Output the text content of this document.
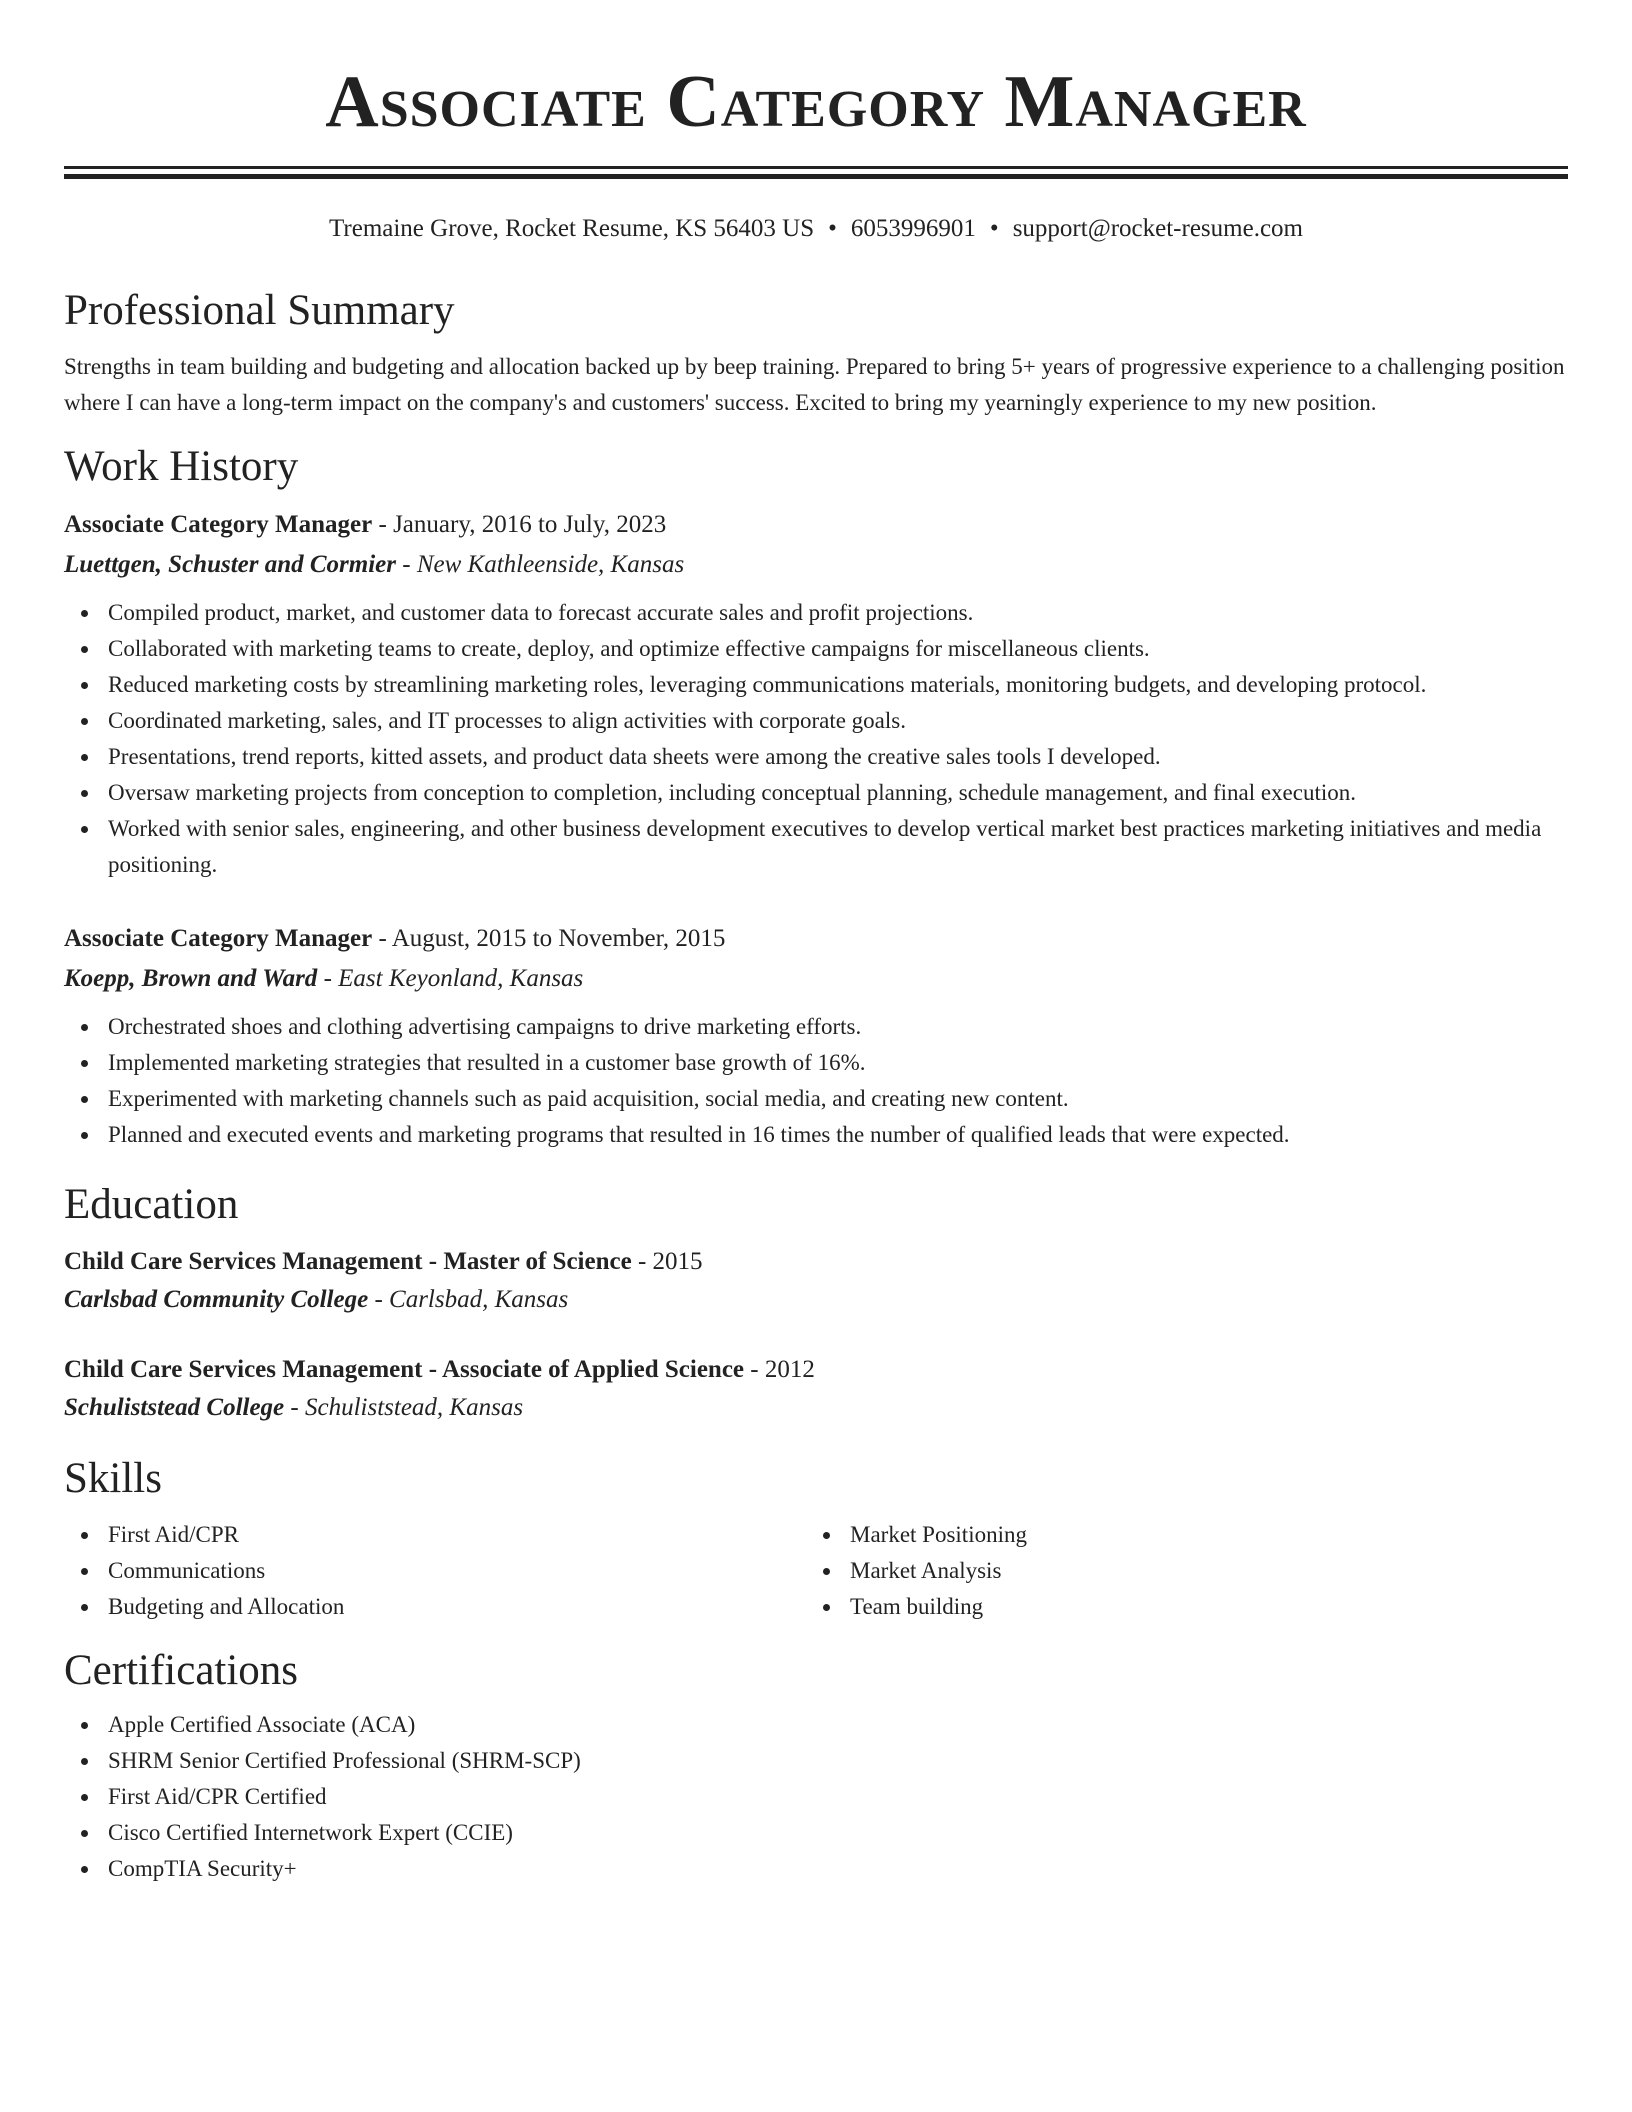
Associate Category Manager
Tremaine Grove, Rocket Resume, KS 56403 US • 6053996901 • support@rocket-resume.com
Professional Summary

Strengths in team building and budgeting and allocation backed up by beep training. Prepared to bring 5+ years of progressive experience to a challenging position where I can have a long-term impact on the company's and customers' success. Excited to bring my yearningly experience to my new position.

Work History
Associate Category Manager - January, 2016 to July, 2023
Luettgen, Schuster and Cormier - New Kathleenside, Kansas
Compiled product, market, and customer data to forecast accurate sales and profit projections.
Collaborated with marketing teams to create, deploy, and optimize effective campaigns for miscellaneous clients.
Reduced marketing costs by streamlining marketing roles, leveraging communications materials, monitoring budgets, and developing protocol.
Coordinated marketing, sales, and IT processes to align activities with corporate goals.
Presentations, trend reports, kitted assets, and product data sheets were among the creative sales tools I developed.
Oversaw marketing projects from conception to completion, including conceptual planning, schedule management, and final execution.
Worked with senior sales, engineering, and other business development executives to develop vertical market best practices marketing initiatives and media positioning.
Associate Category Manager - August, 2015 to November, 2015
Koepp, Brown and Ward - East Keyonland, Kansas
Orchestrated shoes and clothing advertising campaigns to drive marketing efforts.
Implemented marketing strategies that resulted in a customer base growth of 16%.
Experimented with marketing channels such as paid acquisition, social media, and creating new content.
Planned and executed events and marketing programs that resulted in 16 times the number of qualified leads that were expected.
Education
Child Care Services Management - Master of Science - 2015
Carlsbad Community College - Carlsbad, Kansas
Child Care Services Management - Associate of Applied Science - 2012
Schuliststead College - Schuliststead, Kansas
Skills
First Aid/CPR
Communications
Budgeting and Allocation
Market Positioning
Market Analysis
Team building
Certifications
Apple Certified Associate (ACA)
SHRM Senior Certified Professional (SHRM-SCP)
First Aid/CPR Certified
Cisco Certified Internetwork Expert (CCIE)
CompTIA Security+
